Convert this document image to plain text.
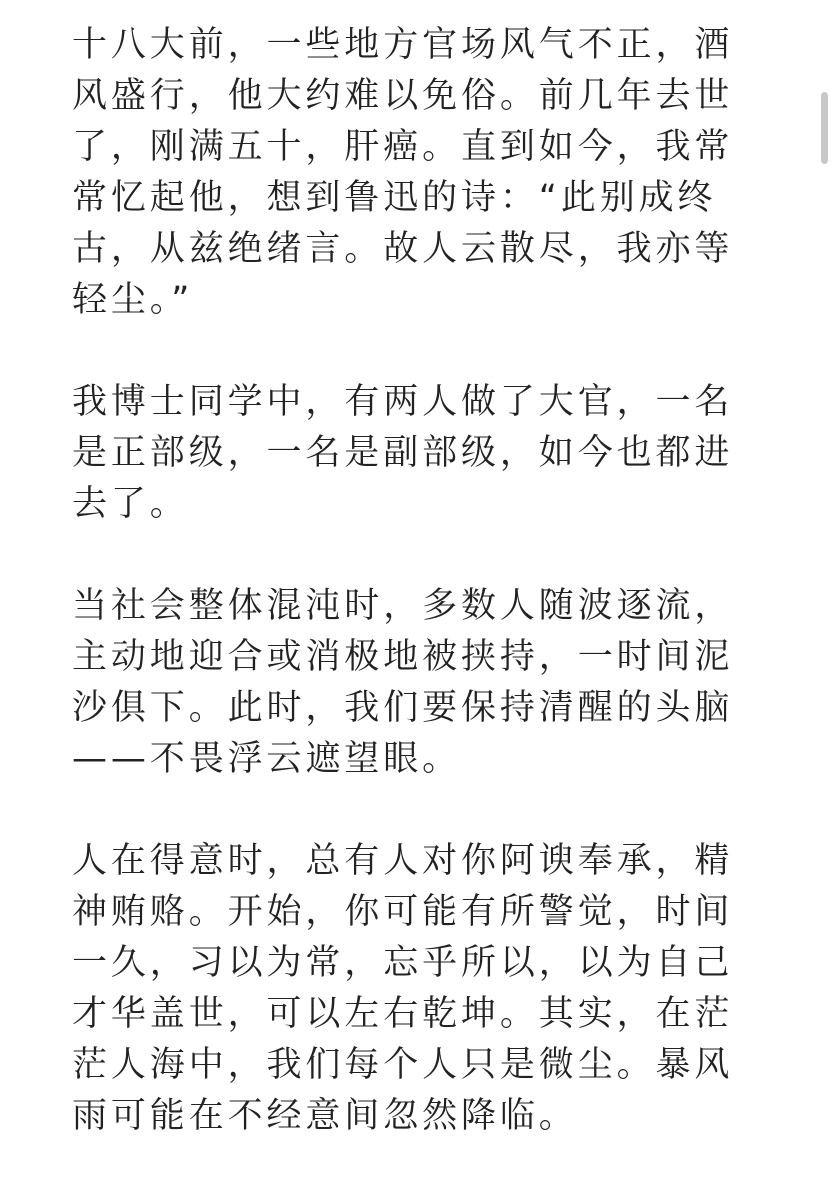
十八大前，一些地方官场风气不正，酒
风盛行，他大约难以免俗。前几年去世
了，刚满五十，肝癌。直到如今，我常
常忆起他，想到鲁迅的诗：“此别成终
古，从兹绝绪言。故人云散尽，我亦等
轻尘。”
我博士同学中，有两人做了大官，一名
是正部级，一名是副部级，如今也都进
去了。
当社会整体混沌时，多数人随波逐流，
主动地迎合或消极地被挟持，一时间泥
沙俱下。此时，我们要保持清醒的头脑
——不畏浮云遮望眼。
人在得意时，总有人对你阿谀奉承，精
神贿赂。开始，你可能有所警觉，时间
一久，习以为常，忘乎所以，以为自己
才华盖世，可以左右乾坤。其实，在茫
茫人海中，我们每个人只是微尘。暴风
雨可能在不经意间忽然降临。
